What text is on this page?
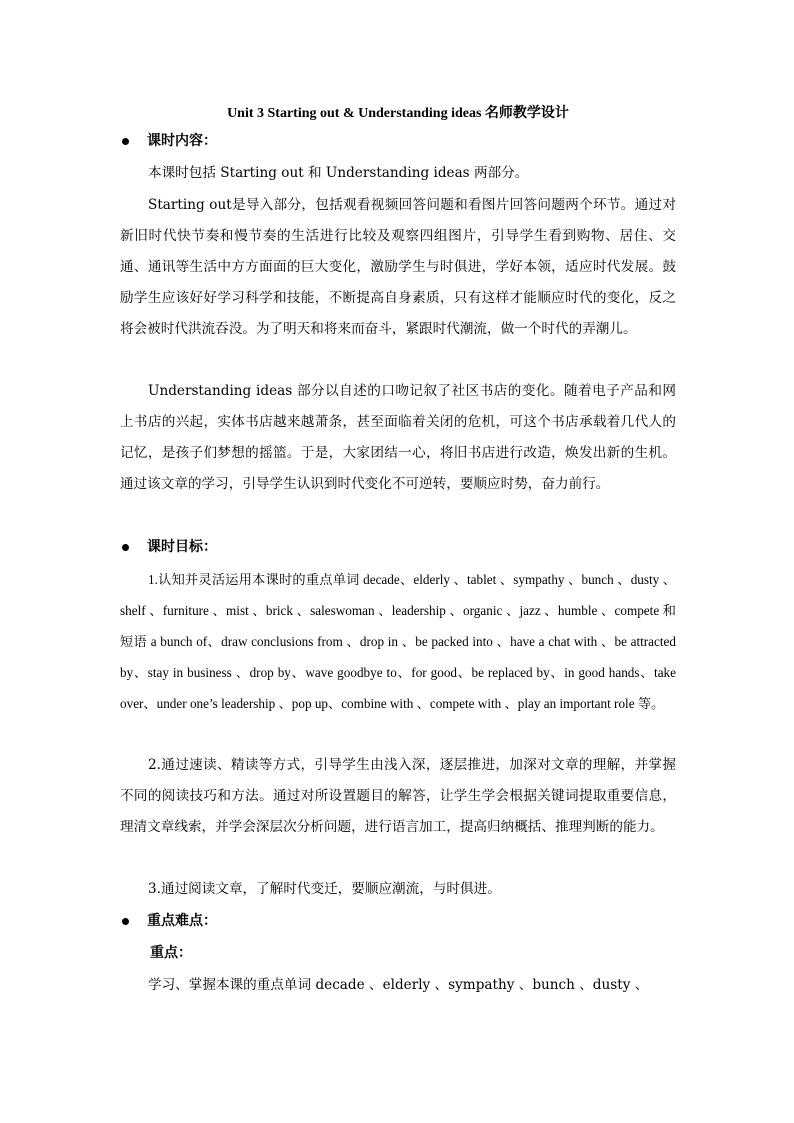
Unit 3 Starting out & Understanding ideas 名师教学设计
课时内容：
本课时包括 Starting out 和 Understanding ideas 两部分。
Starting out是导入部分，包括观看视频回答问题和看图片回答问题两个环节。通过对新旧时代快节奏和慢节奏的生活进行比较及观察四组图片，引导学生看到购物、居住、交通、通讯等生活中方方面面的巨大变化，激励学生与时俱进，学好本领，适应时代发展。鼓励学生应该好好学习科学和技能，不断提高自身素质，只有这样才能顺应时代的变化，反之将会被时代洪流吞没。为了明天和将来而奋斗，紧跟时代潮流，做一个时代的弄潮儿。
Understanding ideas 部分以自述的口吻记叙了社区书店的变化。随着电子产品和网上书店的兴起，实体书店越来越萧条，甚至面临着关闭的危机，可这个书店承载着几代人的记忆，是孩子们梦想的摇篮。于是，大家团结一心，将旧书店进行改造，焕发出新的生机。通过该文章的学习，引导学生认识到时代变化不可逆转，要顺应时势，奋力前行。
课时目标：
1.认知并灵活运用本课时的重点单词 decade、elderly 、tablet 、sympathy 、bunch 、dusty 、shelf 、furniture 、mist 、brick 、saleswoman 、leadership 、organic 、jazz 、humble 、compete 和短语 a bunch of、draw conclusions from 、drop in 、be packed into 、have a chat with 、be attracted by、stay in business 、drop by、wave goodbye to、for good、be replaced by、in good hands、take over、under one’s leadership 、pop up、combine with 、compete with 、play an important role 等。
2.通过速读、精读等方式，引导学生由浅入深，逐层推进，加深对文章的理解，并掌握不同的阅读技巧和方法。通过对所设置题目的解答，让学生学会根据关键词提取重要信息，理清文章线索，并学会深层次分析问题，进行语言加工，提高归纳概括、推理判断的能力。
3.通过阅读文章，了解时代变迁，要顺应潮流，与时俱进。
重点难点：
重点：
学习、掌握本课的重点单词 decade 、elderly 、sympathy 、bunch 、dusty 、
